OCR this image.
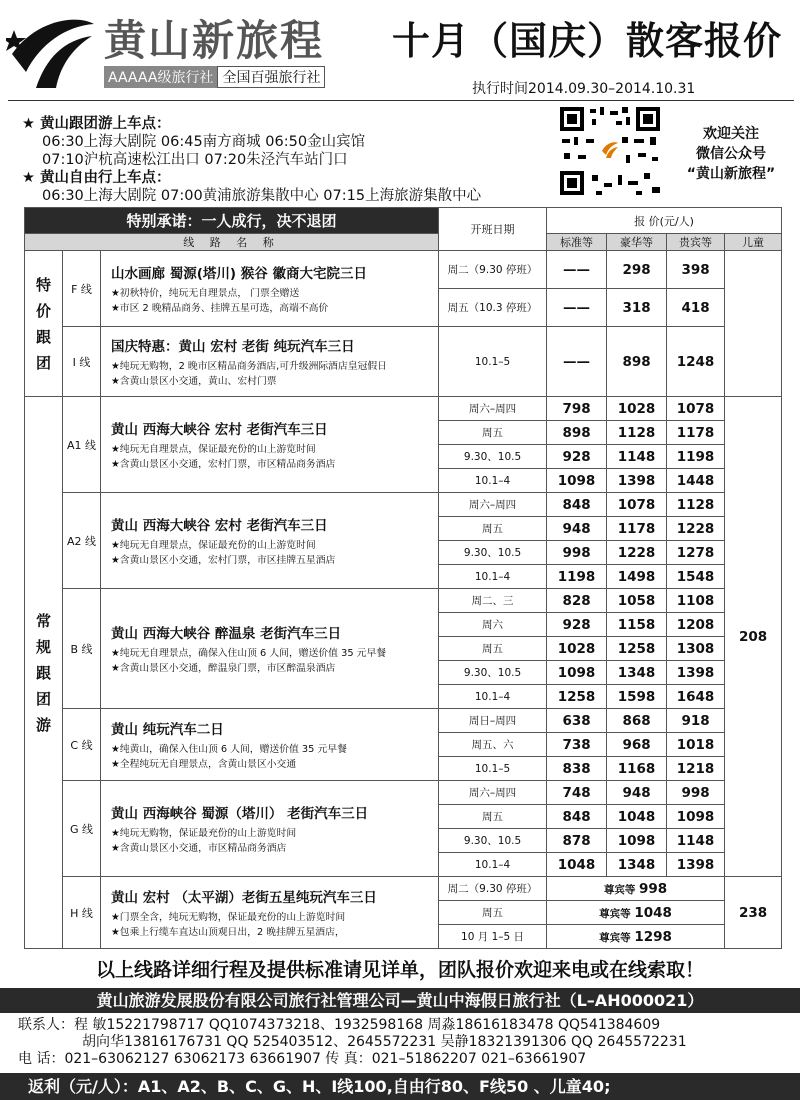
黄山新旅程
AAAAA级旅行社 全国百强旅行社
十月（国庆）散客报价
执行时间2014.09.30–2014.10.31
★ 黄山跟团游上车点：
06:30上海大剧院 06:45南方商城 06:50金山宾馆
07:10沪杭高速松江出口 07:20朱泾汽车站门口
★ 黄山自由行上车点：
06:30上海大剧院 07:00黄浦旅游集散中心 07:15上海旅游集散中心
欢迎关注
微信公众号
“黄山新旅程”
特别承诺：一人成行，决不退团			开班日期	报 价(元/人)			
线 路 名 称				标准等	豪华等	贵宾等	儿童
特价跟团	F 线	山水画廊 蜀源(塔川) 猴谷 徽商大宅院三日
★初秋特价，纯玩无自理景点， 门票全赠送
★市区 2 晚精品商务、挂牌五星可选，高端不高价	周二（9.30 停班）	——	298	398	
			周五（10.3 停班）	——	318	418	
	I 线	国庆特惠：黄山 宏村 老街 纯玩汽车三日
★纯玩无购物，2 晚市区精品商务酒店,可升级洲际酒店皇冠假日
★含黄山景区小交通，黄山、宏村门票	10.1–5	——	898	1248	
常规跟团游	A1 线	黄山 西海大峡谷 宏村 老街汽车三日
★纯玩无自理景点，保证最充份的山上游览时间
★含黄山景区小交通，宏村门票，市区精品商务酒店	周六–周四	798	1028	1078	208
			周五	898	1128	1178	
			9.30、10.5	928	1148	1198	
			10.1–4	1098	1398	1448	
	A2 线	黄山 西海大峡谷 宏村 老街汽车三日
★纯玩无自理景点，保证最充份的山上游览时间
★含黄山景区小交通，宏村门票，市区挂牌五星酒店	周六–周四	848	1078	1128	
			周五	948	1178	1228	
			9.30、10.5	998	1228	1278	
			10.1–4	1198	1498	1548	
	B 线	黄山 西海大峡谷 醉温泉 老街汽车三日
★纯玩无自理景点，确保入住山顶 6 人间，赠送价值 35 元早餐
★含黄山景区小交通，醉温泉门票，市区醉温泉酒店	周二、三	828	1058	1108	
			周六	928	1158	1208	
			周五	1028	1258	1308	
			9.30、10.5	1098	1348	1398	
			10.1–4	1258	1598	1648	
	C 线	黄山 纯玩汽车二日
★纯黄山，确保入住山顶 6 人间，赠送价值 35 元早餐
★全程纯玩无自理景点，含黄山景区小交通	周日–周四	638	868	918	
			周五、六	738	968	1018	
			10.1–5	838	1168	1218	
	G 线	黄山 西海峡谷 蜀源（塔川） 老街汽车三日
★纯玩无购物，保证最充份的山上游览时间
★含黄山景区小交通，市区精品商务酒店	周六–周四	748	948	998	
			周五	848	1048	1098	
			9.30、10.5	878	1098	1148	
			10.1–4	1048	1348	1398	
	H 线	黄山 宏村 （太平湖）老街五星纯玩汽车三日
★门票全含，纯玩无购物，保证最充份的山上游览时间
★包乘上行缆车直达山顶观日出，2 晚挂牌五星酒店，	周二（9.30 停班）	尊宾等 998			238
			周五	尊宾等 1048			
			10 月 1–5 日	尊宾等 1298			
以上线路详细行程及提供标准请见详单，团队报价欢迎来电或在线索取！
黄山旅游发展股份有限公司旅行社管理公司—黄山中海假日旅行社（L–AH000021）
联系人：程 敏15221798717 QQ1074373218、1932598168 周淼18616183478 QQ541384609
胡向华13816176731 QQ 525403512、2645572231 吴静18321391306 QQ 2645572231
电 话：021–63062127 63062173 63661907 传 真：021–51862207 021–63661907
返利（元/人）：A1、A2、B、C、G、H、I线100,自由行80、F线50 、儿童40;
